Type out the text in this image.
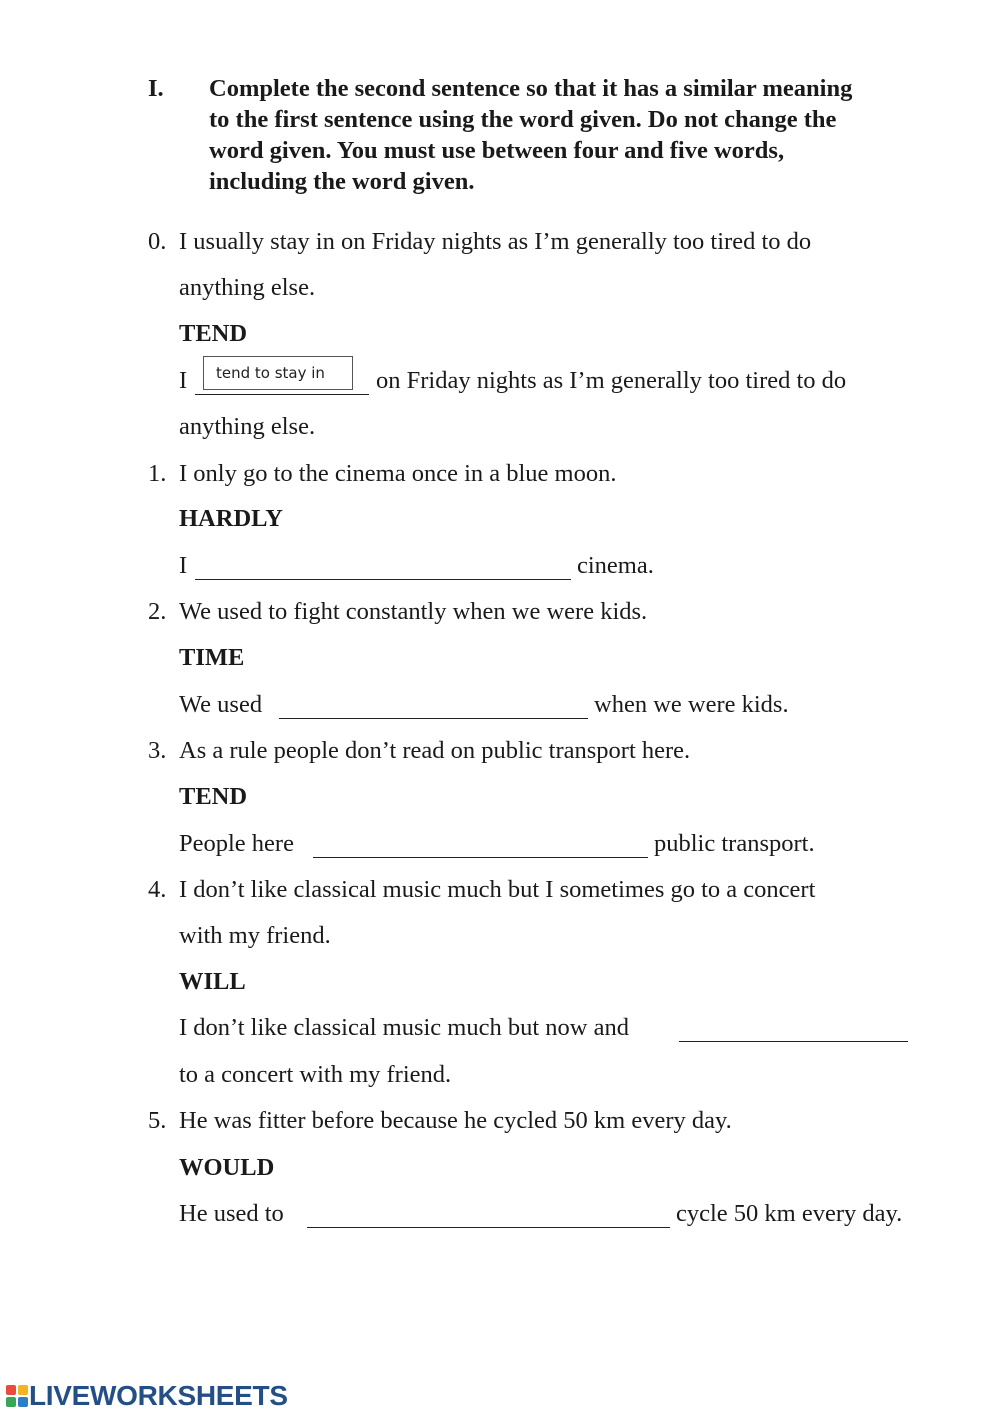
I. Complete the second sentence so that it has a similar meaning
to the first sentence using the word given. Do not change the
word given. You must use between four and five words,
including the word given.
0. I usually stay in on Friday nights as I’m generally too tired to do
anything else.
TEND
I	tend to stay in	on Friday nights as I’m generally too tired to do
anything else.
1. I only go to the cinema once in a blue moon.
HARDLY
I	cinema.
2. We used to fight constantly when we were kids.
TIME
We used	when we were kids.
3. As a rule people don’t read on public transport here.
TEND
People here	public transport.
4. I don’t like classical music much but I sometimes go to a concert
with my friend.
WILL
I don’t like classical music much but now and
to a concert with my friend.
5. He was fitter before because he cycled 50 km every day.
WOULD
He used to	cycle 50 km every day.
LIVEWORKSHEETS
